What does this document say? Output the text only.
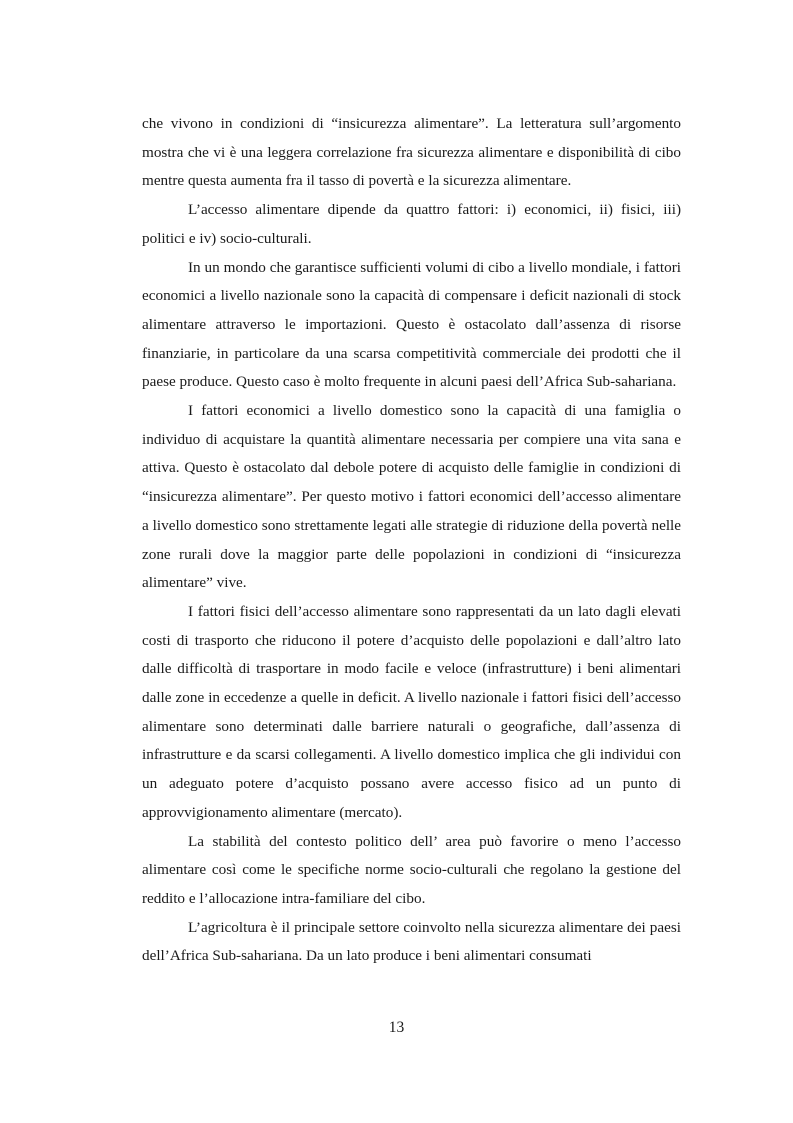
che vivono in condizioni di “insicurezza alimentare”. La letteratura sull’argomento mostra che vi è una leggera correlazione fra sicurezza alimentare e disponibilità di cibo mentre questa aumenta fra il tasso di povertà e la sicurezza alimentare.

L’accesso alimentare dipende da quattro fattori: i) economici, ii) fisici, iii) politici e iv) socio-culturali.

In un mondo che garantisce sufficienti volumi di cibo a livello mondiale, i fattori economici a livello nazionale sono la capacità di compensare i deficit nazionali di stock alimentare attraverso le importazioni. Questo è ostacolato dall’assenza di risorse finanziarie, in particolare da una scarsa competitività commerciale dei prodotti che il paese produce. Questo caso è molto frequente in alcuni paesi dell’Africa Sub-sahariana.

I fattori economici a livello domestico sono la capacità di una famiglia o individuo di acquistare la quantità alimentare necessaria per compiere una vita sana e attiva. Questo è ostacolato dal debole potere di acquisto delle famiglie in condizioni di “insicurezza alimentare”. Per questo motivo i fattori economici dell’accesso alimentare a livello domestico sono strettamente legati alle strategie di riduzione della povertà nelle zone rurali dove la maggior parte delle popolazioni in condizioni di “insicurezza alimentare” vive.

I fattori fisici dell’accesso alimentare sono rappresentati da un lato dagli elevati costi di trasporto che riducono il potere d’acquisto delle popolazioni e dall’altro lato dalle difficoltà di trasportare in modo facile e veloce (infrastrutture) i beni alimentari dalle zone in eccedenze a quelle in deficit. A livello nazionale i fattori fisici dell’accesso alimentare sono determinati dalle barriere naturali o geografiche, dall’assenza di infrastrutture e da scarsi collegamenti. A livello domestico implica che gli individui con un adeguato potere d’acquisto possano avere accesso fisico ad un punto di approvvigionamento alimentare (mercato).

La stabilità del contesto politico dell’ area può favorire o meno l’accesso alimentare così come le specifiche norme socio-culturali che regolano la gestione del reddito e l’allocazione intra-familiare del cibo.

L’agricoltura è il principale settore coinvolto nella sicurezza alimentare dei paesi dell’Africa Sub-sahariana. Da un lato produce i beni alimentari consumati

13
